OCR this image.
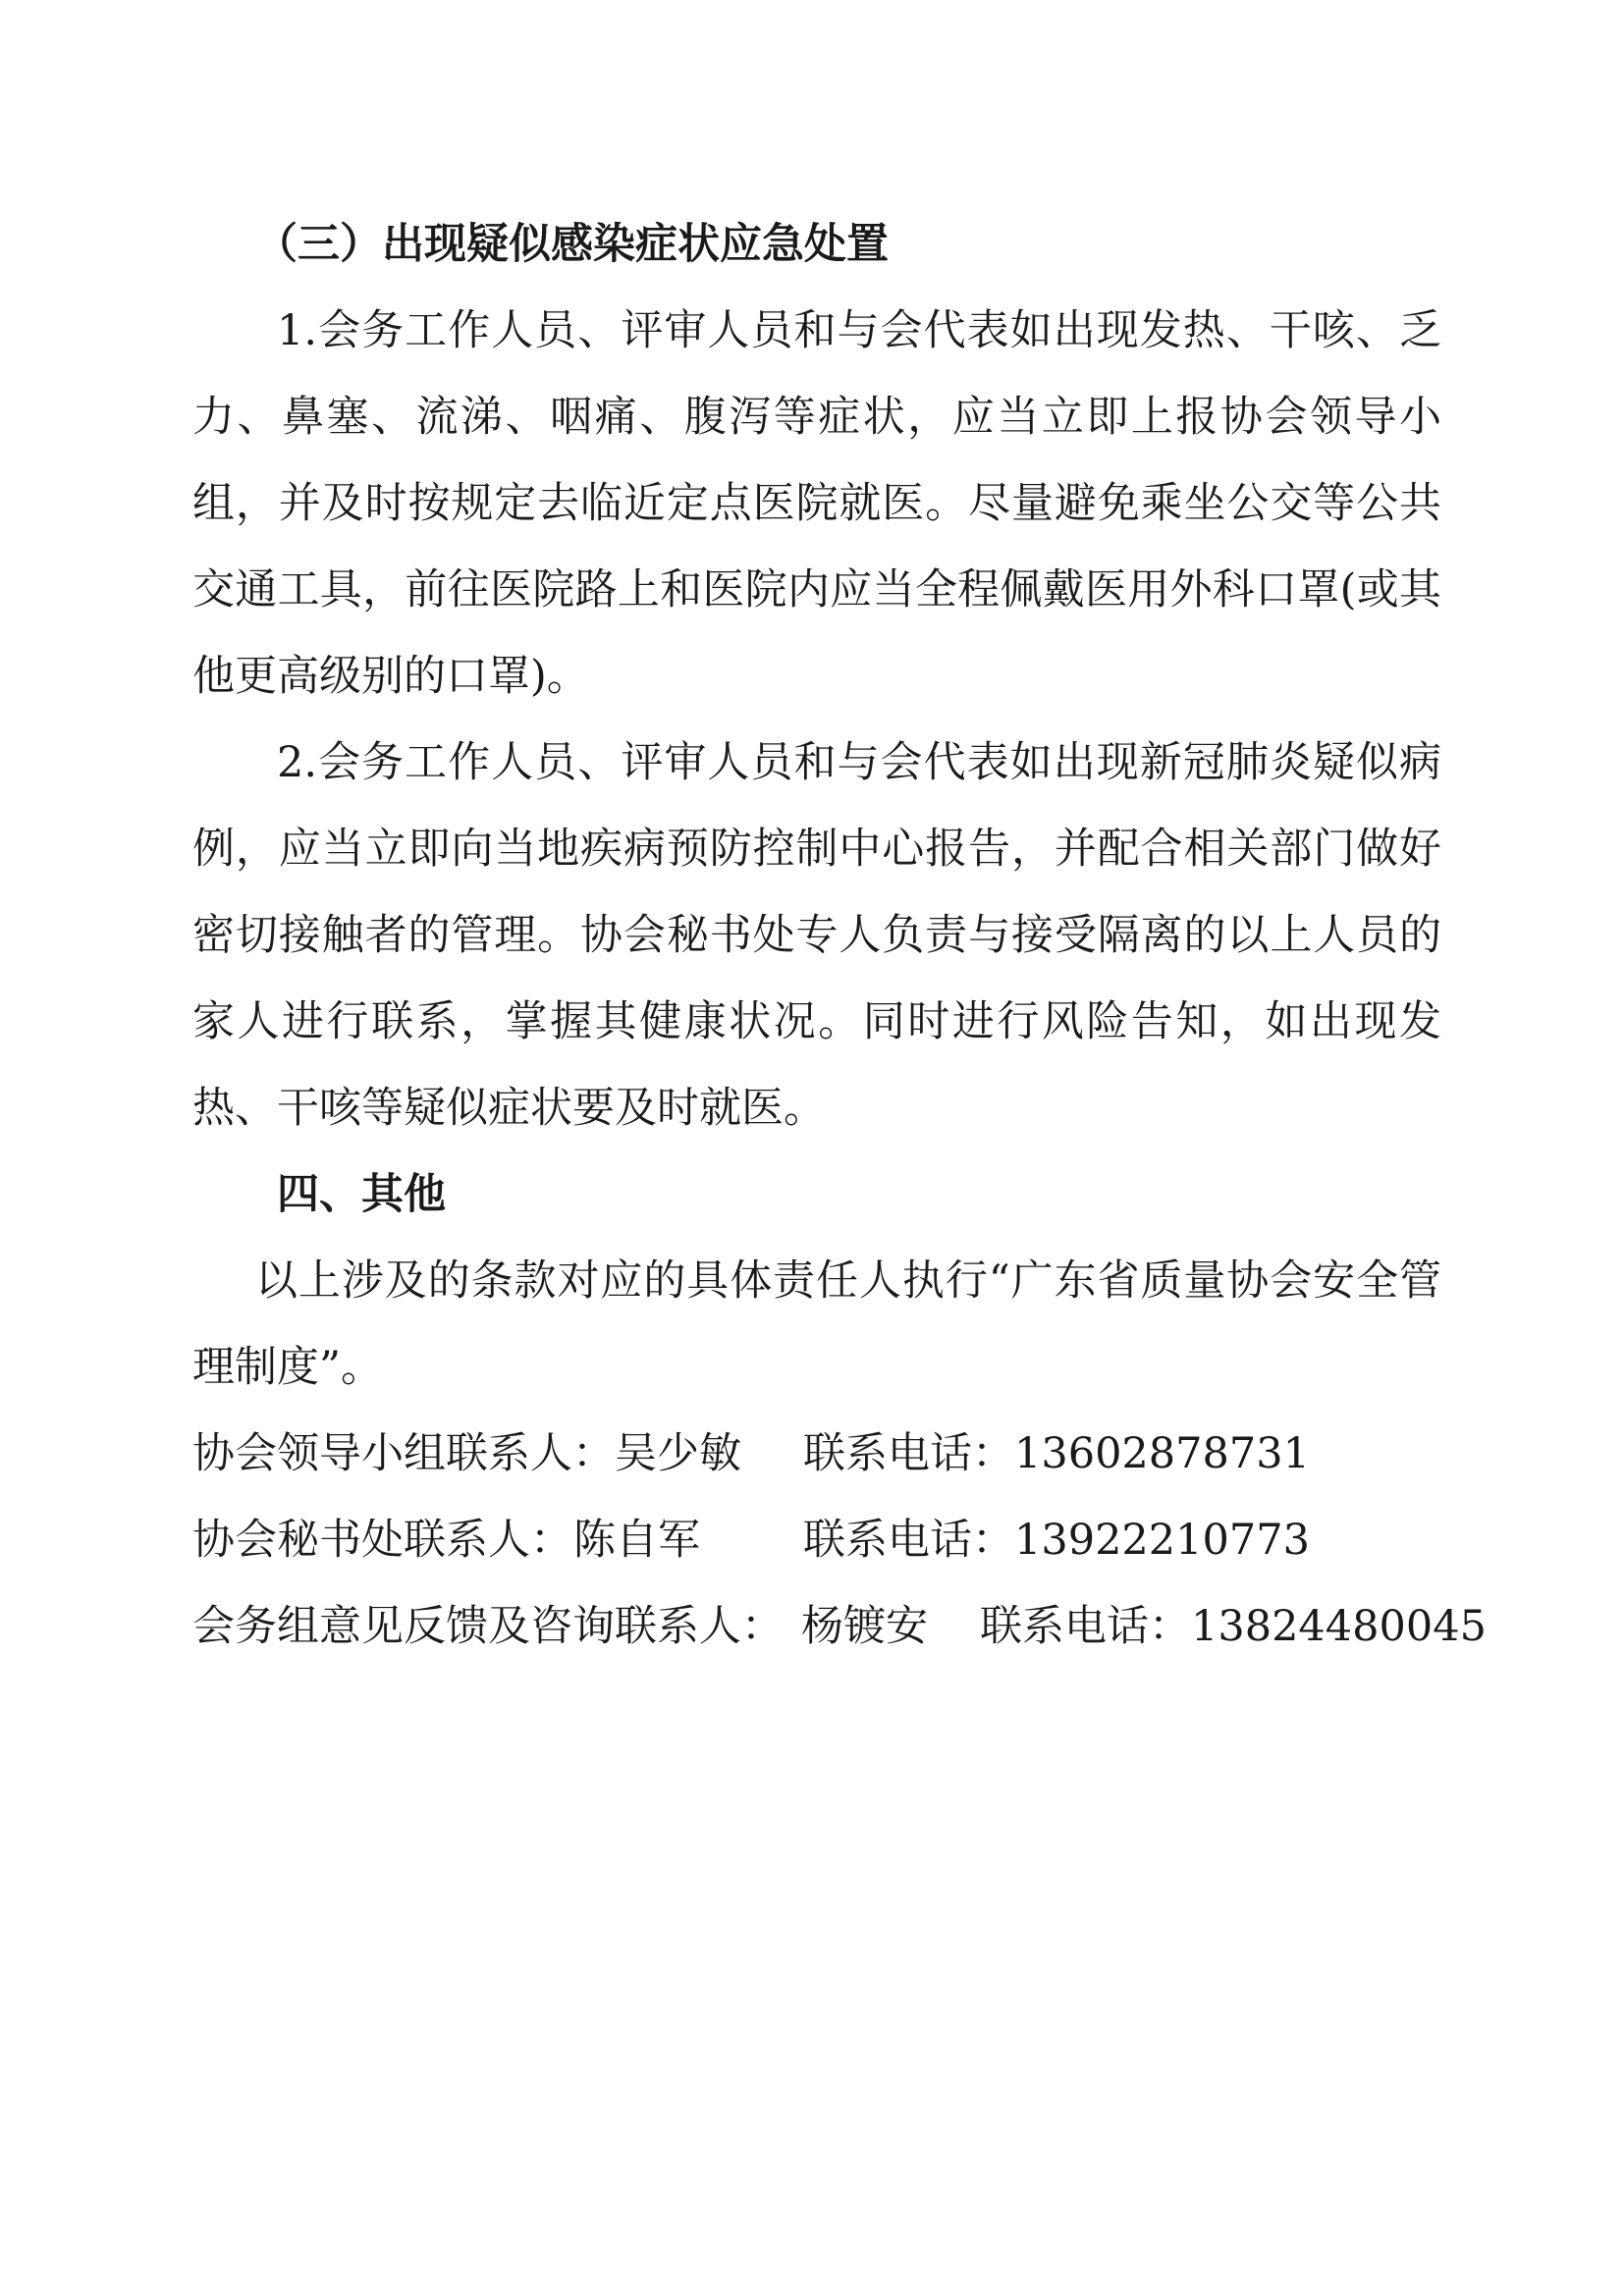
（三）出现疑似感染症状应急处置

1.会务工作人员、评审人员和与会代表如出现发热、干咳、乏力、鼻塞、流涕、咽痛、腹泻等症状，应当立即上报协会领导小组，并及时按规定去临近定点医院就医。尽量避免乘坐公交等公共交通工具，前往医院路上和医院内应当全程佩戴医用外科口罩(或其他更高级别的口罩)。

2.会务工作人员、评审人员和与会代表如出现新冠肺炎疑似病例，应当立即向当地疾病预防控制中心报告，并配合相关部门做好密切接触者的管理。协会秘书处专人负责与接受隔离的以上人员的家人进行联系，掌握其健康状况。同时进行风险告知，如出现发热、干咳等疑似症状要及时就医。

四、其他

以上涉及的条款对应的具体责任人执行“广东省质量协会安全管理制度”。

协会领导小组联系人： 吴少敏 联系电话：13602878731
协会秘书处联系人： 陈自军 联系电话：13922210773
会务组意见反馈及咨询联系人： 杨镀安 联系电话：13824480045
